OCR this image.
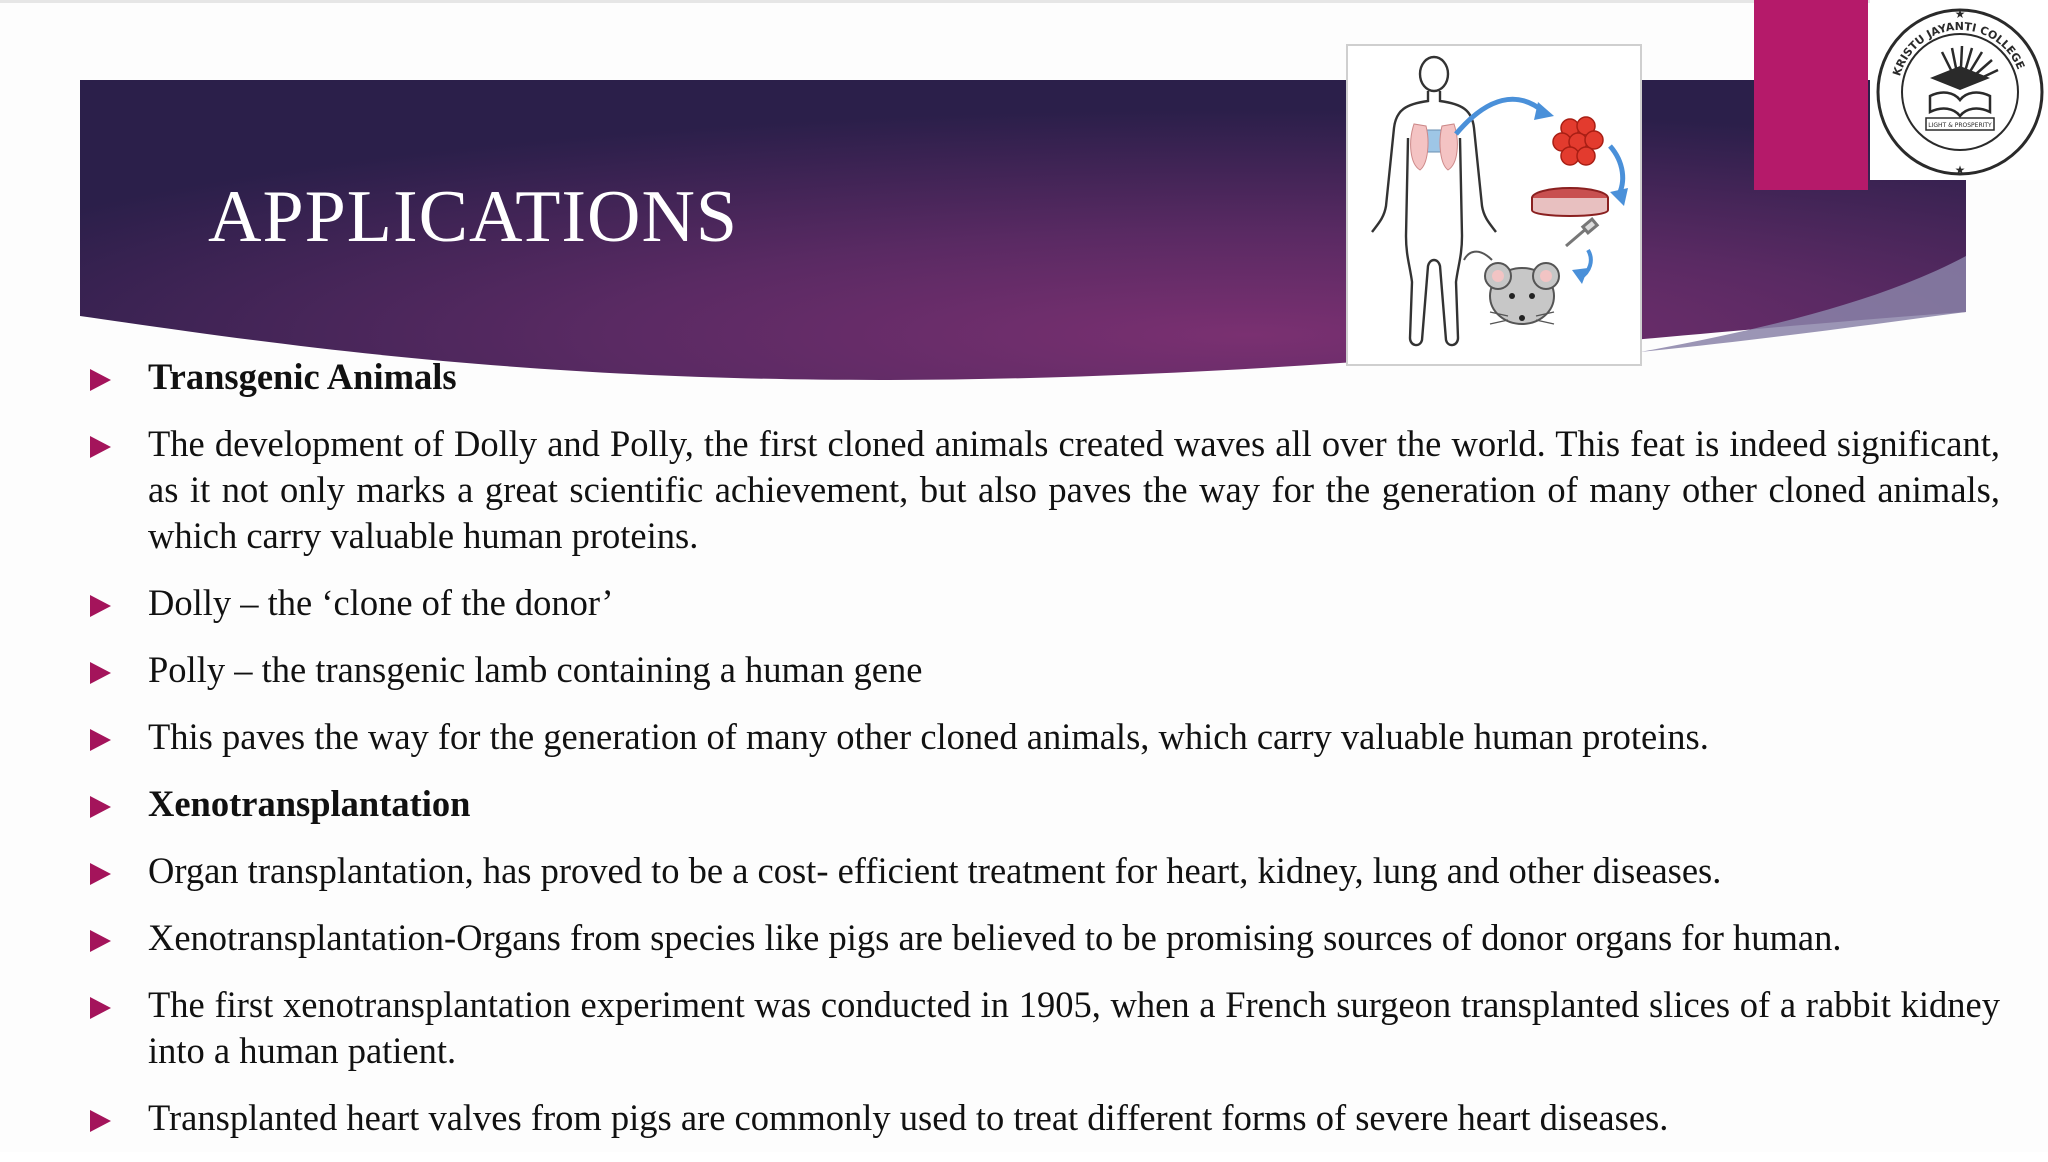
APPLICATIONS
KRISTU JAYANTI COLLEGE
★
★
LIGHT & PROSPERITY
Transgenic Animals
The development of Dolly and Polly, the first cloned animals created waves all over the world. This feat is indeed significant, as it not only marks a great scientific achievement, but also paves the way for the generation of many other cloned animals, which carry valuable human proteins.
Dolly – the ‘clone of the donor’
Polly – the transgenic lamb containing a human gene
This paves the way for the generation of many other cloned animals, which carry valuable human proteins.
Xenotransplantation
Organ transplantation, has proved to be a cost- efficient treatment for heart, kidney, lung and other diseases.
Xenotransplantation-Organs from species like pigs are believed to be promising sources of donor organs for human.
The first xenotransplantation experiment was conducted in 1905, when a French surgeon transplanted slices of a rabbit kidney into a human patient.
Transplanted heart valves from pigs are commonly used to treat different forms of severe heart diseases.
